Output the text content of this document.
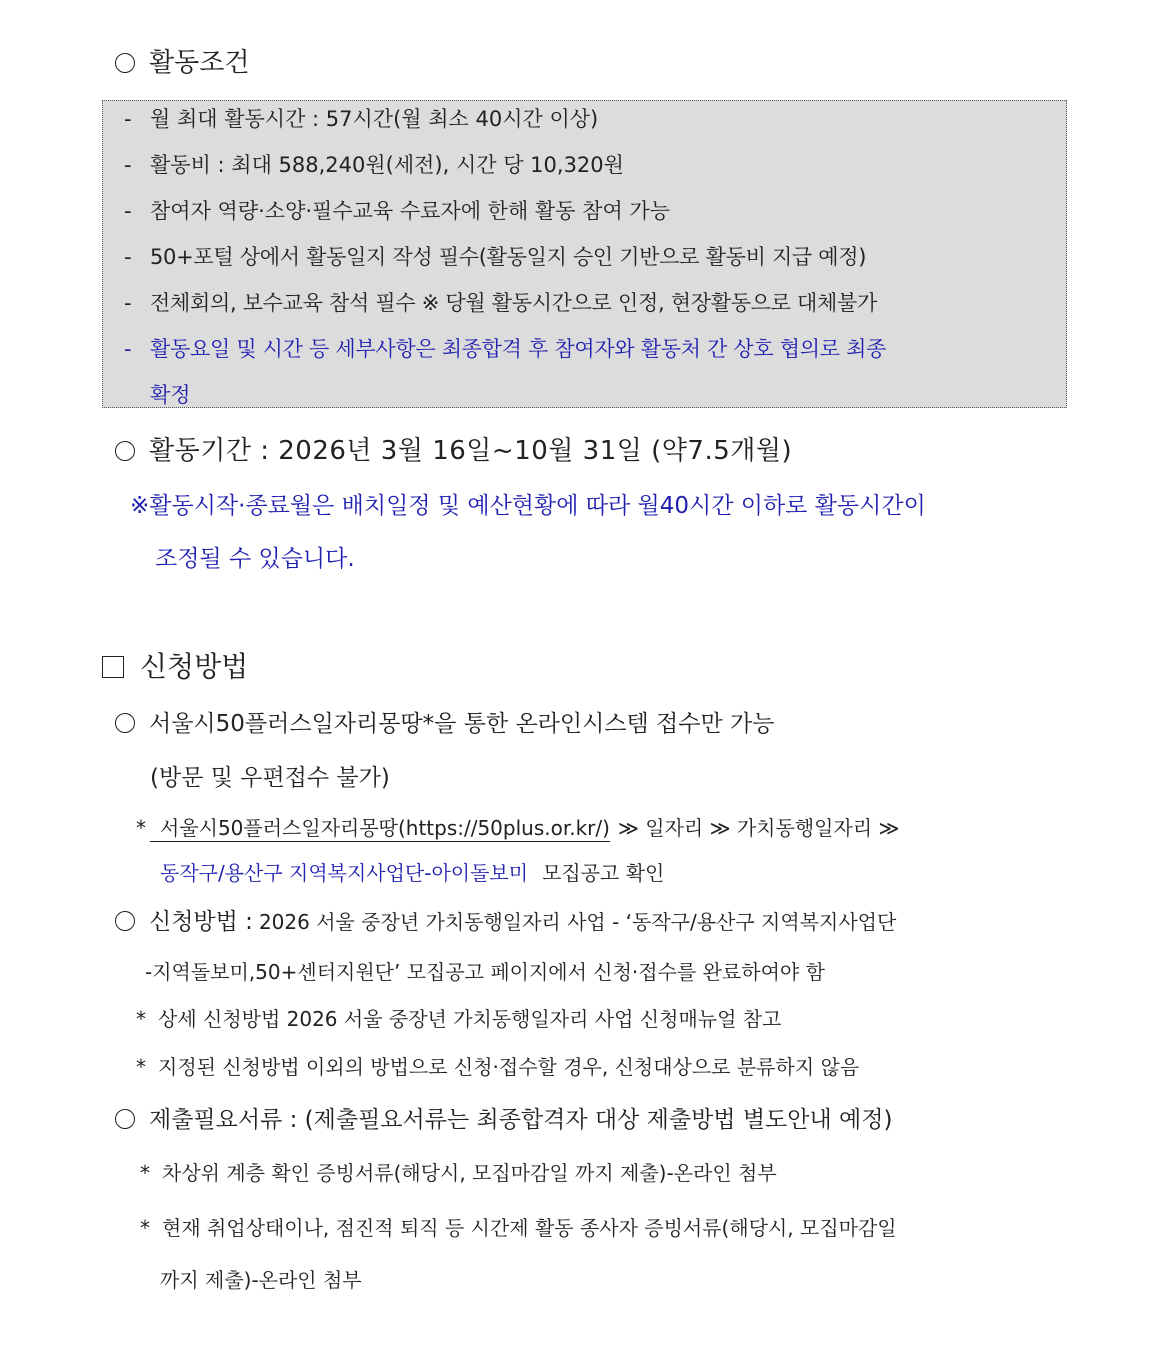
활동조건
- 월 최대 활동시간 : 57시간(월 최소 40시간 이상)
- 활동비 : 최대 588,240원(세전), 시간 당 10,320원
- 참여자 역량·소양·필수교육 수료자에 한해 활동 참여 가능
- 50+포털 상에서 활동일지 작성 필수(활동일지 승인 기반으로 활동비 지급 예정)
- 전체회의, 보수교육 참석 필수 ※ 당월 활동시간으로 인정, 현장활동으로 대체불가
- 활동요일 및 시간 등 세부사항은 최종합격 후 참여자와 활동처 간 상호 협의로 최종
확정
활동기간 : 2026년 3월 16일~10월 31일 (약7.5개월)
※활동시작·종료월은 배치일정 및 예산현황에 따라 월40시간 이하로 활동시간이
조정될 수 있습니다.
신청방법
서울시50플러스일자리몽땅*을 통한 온라인시스템 접수만 가능
(방문 및 우편접수 불가)
* 서울시50플러스일자리몽땅(https://50plus.or.kr/) ≫ 일자리 ≫ 가치동행일자리 ≫
동작구/용산구 지역복지사업단-아이돌보미 모집공고 확인
신청방법 : 2026 서울 중장년 가치동행일자리 사업 - ‘동작구/용산구 지역복지사업단
-지역돌보미,50+센터지원단’ 모집공고 페이지에서 신청·접수를 완료하여야 함
* 상세 신청방법 2026 서울 중장년 가치동행일자리 사업 신청매뉴얼 참고
* 지정된 신청방법 이외의 방법으로 신청·접수할 경우, 신청대상으로 분류하지 않음
제출필요서류 : (제출필요서류는 최종합격자 대상 제출방법 별도안내 예정)
* 차상위 계층 확인 증빙서류(해당시, 모집마감일 까지 제출)-온라인 첨부
* 현재 취업상태이나, 점진적 퇴직 등 시간제 활동 종사자 증빙서류(해당시, 모집마감일
까지 제출)-온라인 첨부
